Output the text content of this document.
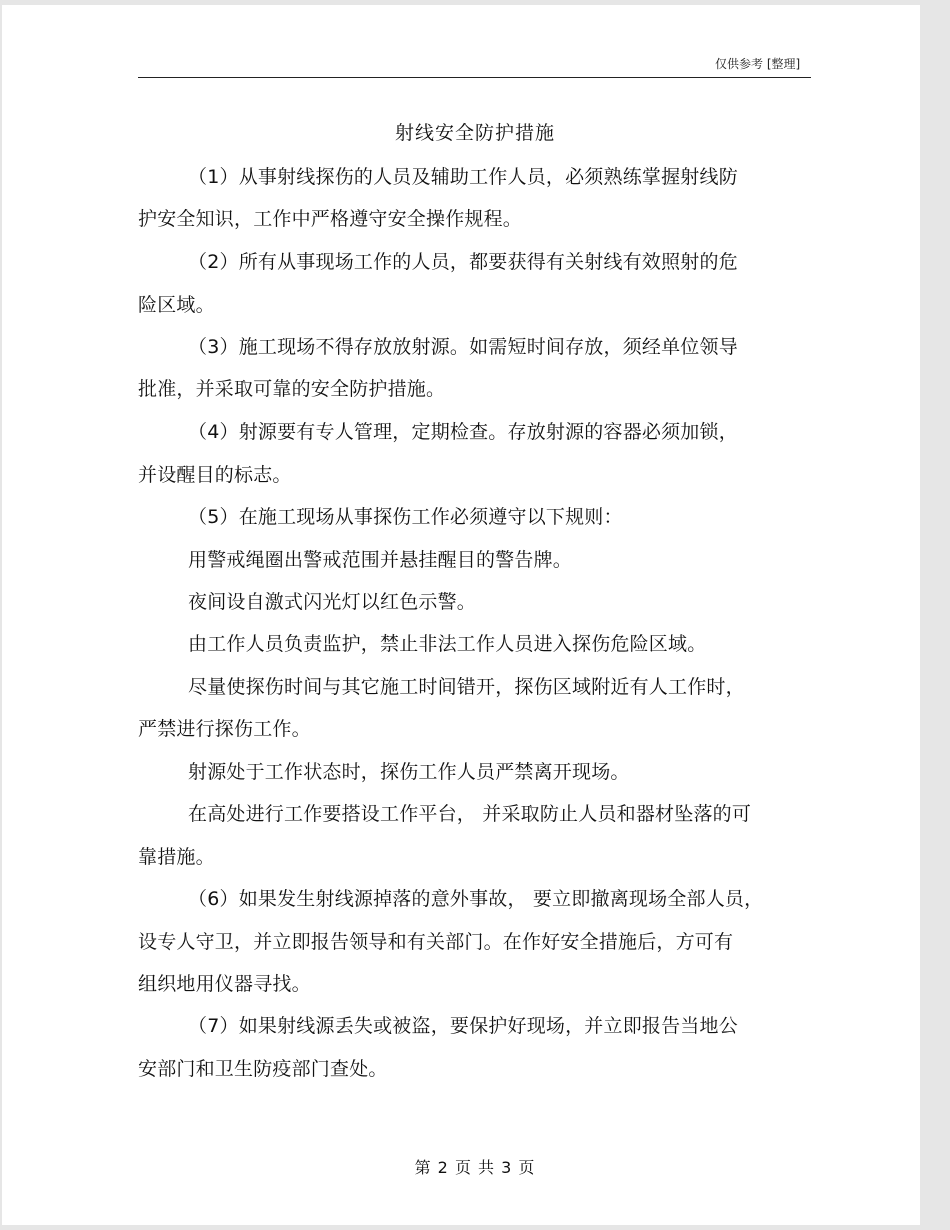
仅供参考 [整理]
射线安全防护措施
（1）从事射线探伤的人员及辅助工作人员，必须熟练掌握射线防
护安全知识，工作中严格遵守安全操作规程。
（2）所有从事现场工作的人员，都要获得有关射线有效照射的危
险区域。
（3）施工现场不得存放放射源。如需短时间存放，须经单位领导
批准，并采取可靠的安全防护措施。
（4）射源要有专人管理，定期检查。存放射源的容器必须加锁，
并设醒目的标志。
（5）在施工现场从事探伤工作必须遵守以下规则：
用警戒绳圈出警戒范围并悬挂醒目的警告牌。
夜间设自激式闪光灯以红色示警。
由工作人员负责监护，禁止非法工作人员进入探伤危险区域。
尽量使探伤时间与其它施工时间错开，探伤区域附近有人工作时，
严禁进行探伤工作。
射源处于工作状态时，探伤工作人员严禁离开现场。
在高处进行工作要搭设工作平台， 并采取防止人员和器材坠落的可
靠措施。
（6）如果发生射线源掉落的意外事故， 要立即撤离现场全部人员，
设专人守卫，并立即报告领导和有关部门。在作好安全措施后，方可有
组织地用仪器寻找。
（7）如果射线源丢失或被盗，要保护好现场，并立即报告当地公
安部门和卫生防疫部门查处。
第 2 页 共 3 页
